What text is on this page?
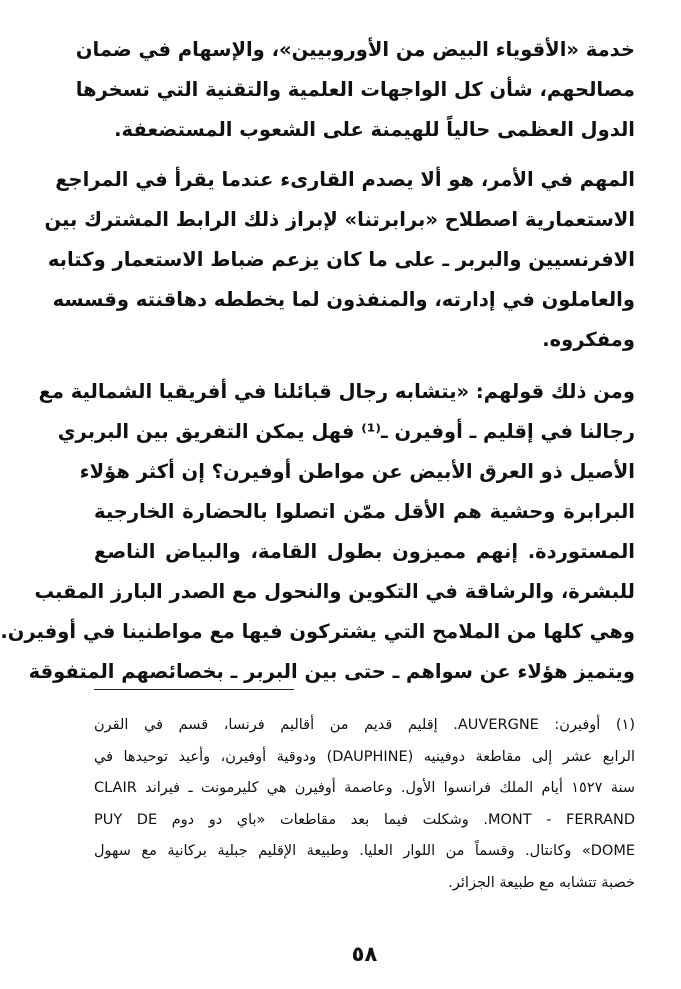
خدمة «الأقوياء البيض من الأوروبيين»، والإسهام في ضمان
مصالحهم، شأن كل الواجهات العلمية والتقنية التي تسخرها
الدول العظمى حالياً للهيمنة على الشعوب المستضعفة.

المهم في الأمر، هو ألا يصدم القارىء عندما يقرأ في المراجع
الاستعمارية اصطلاح «برابرتنا» لإبراز ذلك الرابط المشترك بين
الافرنسيين والبربر ـ على ما كان يزعم ضباط الاستعمار وكتابه
والعاملون في إدارته، والمنفذون لما يخططه دهاقنته وقسسه
ومفكروه.

ومن ذلك قولهم: «يتشابه رجال قبائلنا في أفريقيا الشمالية مع
رجالنا في إقليم ـ أوفيرن ـ⁽¹⁾ فهل يمكن التفريق بين البربري
الأصيل ذو العرق الأبيض عن مواطن أوفيرن؟ إن أكثر هؤلاء
البرابرة وحشية هم الأقل ممّن اتصلوا بالحضارة الخارجية
المستوردة. إنهم مميزون بطول القامة، والبياض الناصع
للبشرة، والرشاقة في التكوين والنحول مع الصدر البارز المقبب
وهي كلها من الملامح التي يشتركون فيها مع مواطنينا في أوفيرن.
ويتميز هؤلاء عن سواهم ـ حتى بين البربر ـ بخصائصهم المتفوقة

(١) أوفيرن: AUVERGNE. إقليم قديم من أقاليم فرنسا، قسم في القرن
الرابع عشر إلى مقاطعة دوفينيه (DAUPHINE) ودوقية أوفيرن، وأعيد توحيدها في
سنة ١٥٢٧ أيام الملك فرانسوا الأول. وعاصمة أوفيرن هي كليرمونت ـ فيراند CLAIR
MONT - FERRAND. وشكلت فيما بعد مقاطعات «باي دو دوم PUY DE
DOME» وكانتال. وقسماً من اللوار العليا. وطبيعة الإقليم جبلية بركانية مع سهول
خصبة تتشابه مع طبيعة الجزائر.
٥٨
